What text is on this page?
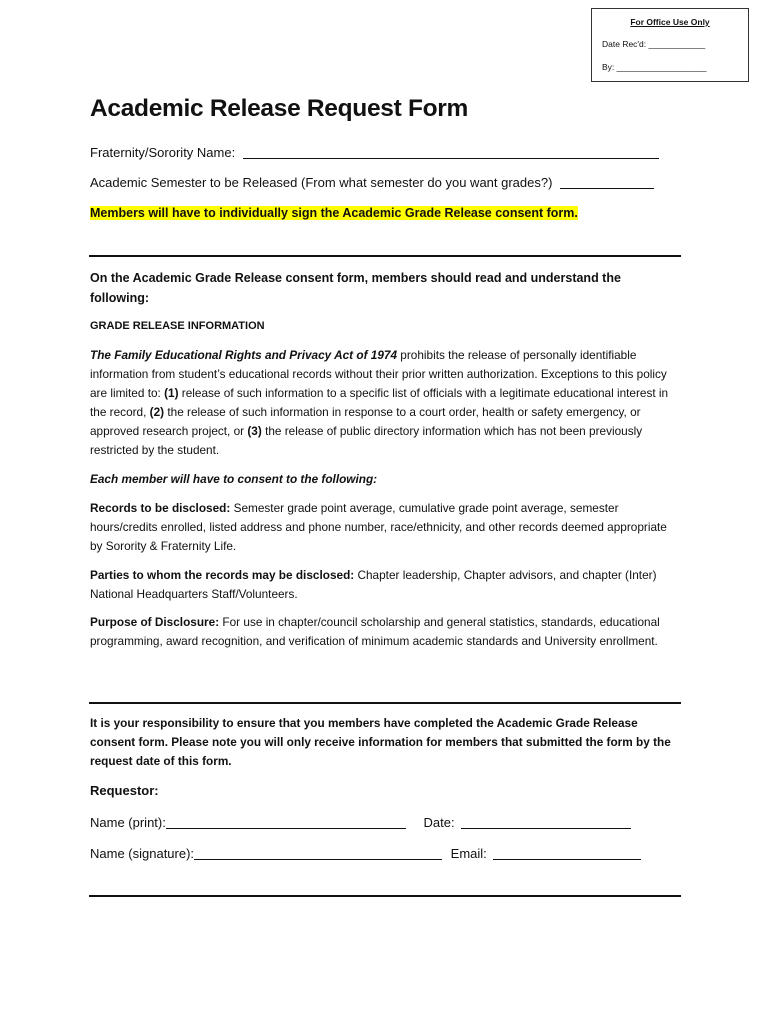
For Office Use Only
Date Rec'd: ____________
By: ___________________
Academic Release Request Form
Fraternity/Sorority Name:
Academic Semester to be Released (From what semester do you want grades?)
Members will have to individually sign the Academic Grade Release consent form.
On the Academic Grade Release consent form, members should read and understand the following:
GRADE RELEASE INFORMATION
The Family Educational Rights and Privacy Act of 1974 prohibits the release of personally identifiable information from student’s educational records without their prior written authorization. Exceptions to this policy are limited to: (1) release of such information to a specific list of officials with a legitimate educational interest in the record, (2) the release of such information in response to a court order, health or safety emergency, or approved research project, or (3) the release of public directory information which has not been previously restricted by the student.
Each member will have to consent to the following:
Records to be disclosed: Semester grade point average, cumulative grade point average, semester hours/credits enrolled, listed address and phone number, race/ethnicity, and other records deemed appropriate by Sorority & Fraternity Life.
Parties to whom the records may be disclosed: Chapter leadership, Chapter advisors, and chapter (Inter) National Headquarters Staff/Volunteers.
Purpose of Disclosure: For use in chapter/council scholarship and general statistics, standards, educational programming, award recognition, and verification of minimum academic standards and University enrollment.
It is your responsibility to ensure that you members have completed the Academic Grade Release consent form. Please note you will only receive information for members that submitted the form by the request date of this form.
Requestor:
Name (print):	Date:
Name (signature):	Email:
